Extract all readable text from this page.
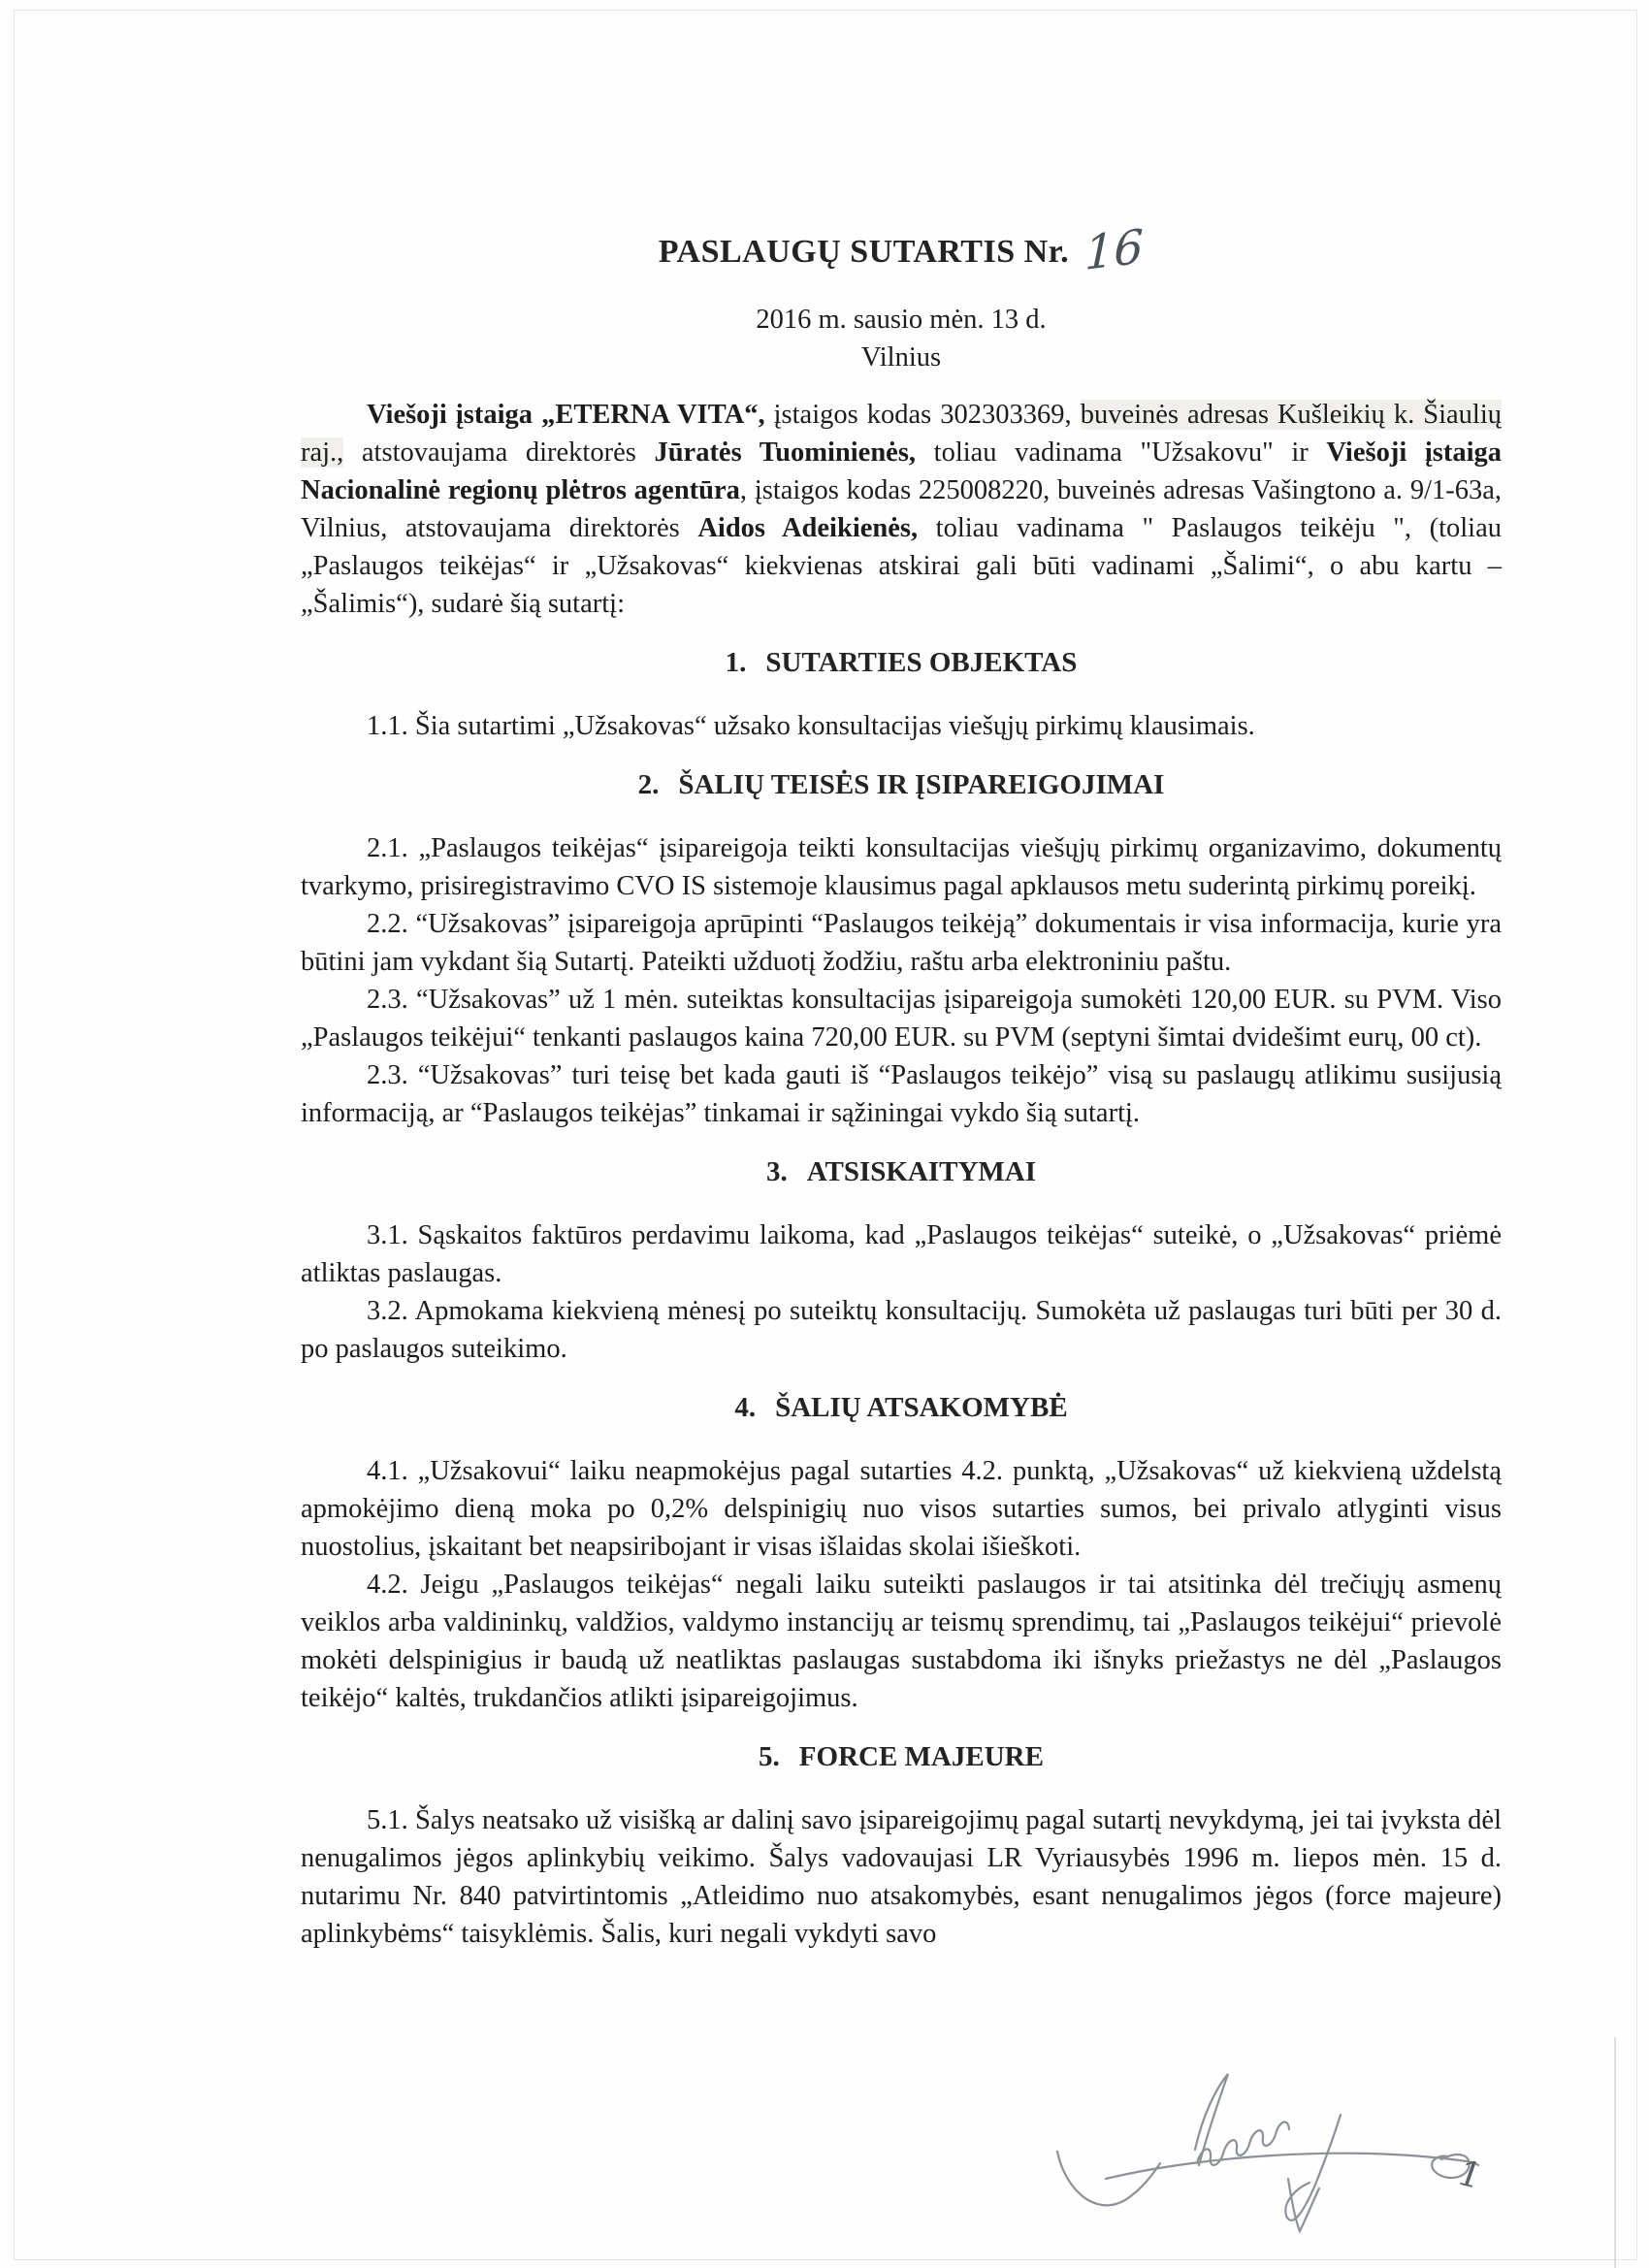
PASLAUGŲ SUTARTIS Nr. 16
2016 m. sausio mėn. 13 d.
Vilnius

Viešoji įstaiga „ETERNA VITA“, įstaigos kodas 302303369, buveinės adresas Kušleikių k. Šiaulių raj., atstovaujama direktorės Jūratės Tuominienės, toliau vadinama "Užsakovu" ir Viešoji įstaiga Nacionalinė regionų plėtros agentūra, įstaigos kodas 225008220, buveinės adresas Vašingtono a. 9/1-63a, Vilnius, atstovaujama direktorės Aidos Adeikienės, toliau vadinama " Paslaugos teikėju ", (toliau „Paslaugos teikėjas“ ir „Užsakovas“ kiekvienas atskirai gali būti vadinami „Šalimi“, o abu kartu – „Šalimis“), sudarė šią sutartį:

1. SUTARTIES OBJEKTAS

1.1. Šia sutartimi „Užsakovas“ užsako konsultacijas viešųjų pirkimų klausimais.

2. ŠALIŲ TEISĖS IR ĮSIPAREIGOJIMAI

2.1. „Paslaugos teikėjas“ įsipareigoja teikti konsultacijas viešųjų pirkimų organizavimo, dokumentų tvarkymo, prisiregistravimo CVO IS sistemoje klausimus pagal apklausos metu suderintą pirkimų poreikį.

2.2. “Užsakovas” įsipareigoja aprūpinti “Paslaugos teikėją” dokumentais ir visa informacija, kurie yra būtini jam vykdant šią Sutartį. Pateikti užduotį žodžiu, raštu arba elektroniniu paštu.

2.3. “Užsakovas” už 1 mėn. suteiktas konsultacijas įsipareigoja sumokėti 120,00 EUR. su PVM. Viso „Paslaugos teikėjui“ tenkanti paslaugos kaina 720,00 EUR. su PVM (septyni šimtai dvidešimt eurų, 00 ct).

2.3. “Užsakovas” turi teisę bet kada gauti iš “Paslaugos teikėjo” visą su paslaugų atlikimu susijusią informaciją, ar “Paslaugos teikėjas” tinkamai ir sąžiningai vykdo šią sutartį.

3. ATSISKAITYMAI

3.1. Sąskaitos faktūros perdavimu laikoma, kad „Paslaugos teikėjas“ suteikė, o „Užsakovas“ priėmė atliktas paslaugas.

3.2. Apmokama kiekvieną mėnesį po suteiktų konsultacijų. Sumokėta už paslaugas turi būti per 30 d. po paslaugos suteikimo.

4. ŠALIŲ ATSAKOMYBĖ

4.1. „Užsakovui“ laiku neapmokėjus pagal sutarties 4.2. punktą, „Užsakovas“ už kiekvieną uždelstą apmokėjimo dieną moka po 0,2% delspinigių nuo visos sutarties sumos, bei privalo atlyginti visus nuostolius, įskaitant bet neapsiribojant ir visas išlaidas skolai išieškoti.

4.2. Jeigu „Paslaugos teikėjas“ negali laiku suteikti paslaugos ir tai atsitinka dėl trečiųjų asmenų veiklos arba valdininkų, valdžios, valdymo instancijų ar teismų sprendimų, tai „Paslaugos teikėjui“ prievolė mokėti delspinigius ir baudą už neatliktas paslaugas sustabdoma iki išnyks priežastys ne dėl „Paslaugos teikėjo“ kaltės, trukdančios atlikti įsipareigojimus.

5. FORCE MAJEURE

5.1. Šalys neatsako už visišką ar dalinį savo įsipareigojimų pagal sutartį nevykdymą, jei tai įvyksta dėl nenugalimos jėgos aplinkybių veikimo. Šalys vadovaujasi LR Vyriausybės 1996 m. liepos mėn. 15 d. nutarimu Nr. 840 patvirtintomis „Atleidimo nuo atsakomybės, esant nenugalimos jėgos (force majeure) aplinkybėms“ taisyklėmis. Šalis, kuri negali vykdyti savo

1
